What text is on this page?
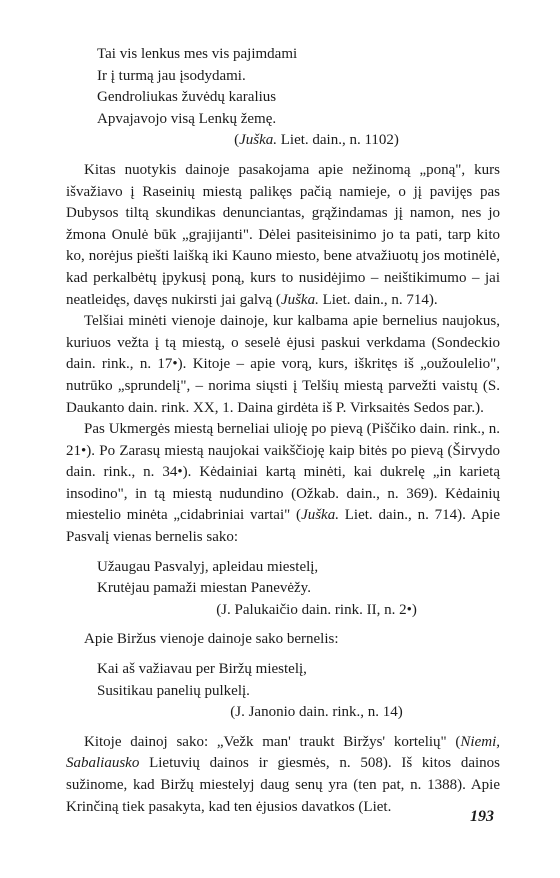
Tai vis lenkus mes vis pajimdami
Ir į turmą jau įsodydami.
Gendroliukas žuvėdų karalius
Apvajavojo visą Lenkų žemę.
(Juška. Liet. dain., n. 1102)

Kitas nuotykis dainoje pasakojama apie nežinomą „poną", kurs išvažiavo į Raseinių miestą palikęs pačią namieje, o jį pavijęs pas Dubysos tiltą skundikas denunciantas, grąžindamas jį namon, nes jo žmona Onulė būk „grajijanti". Dėlei pasiteisinimo jo ta pati, tarp kito ko, norėjus piešti laišką iki Kauno miesto, bene atvažiuotų jos motinėlė, kad perkalbėtų įpykusį poną, kurs to nusidėjimo – neištikimumo – jai neatleidęs, davęs nukirsti jai galvą (Juška. Liet. dain., n. 714).

Telšiai minėti vienoje dainoje, kur kalbama apie bernelius naujokus, kuriuos vežta į tą miestą, o seselė ėjusi paskui verkdama (Sondeckio dain. rink., n. 17•). Kitoje – apie vorą, kurs, iškritęs iš „oužoulelio", nutrūko „sprundelį", – norima siųsti į Telšių miestą parvežti vaistų (S. Daukanto dain. rink. XX, 1. Daina girdėta iš P. Virksaitės Sedos par.).

Pas Ukmergės miestą berneliai ulioję po pievą (Piščiko dain. rink., n. 21•). Po Zarasų miestą naujokai vaikščioję kaip bitės po pievą (Širvydo dain. rink., n. 34•). Kėdainiai kartą minėti, kai dukrelę „in karietą insodino", in tą miestą nudundino (Ožkab. dain., n. 369). Kėdainių miestelio minėta „cidabriniai vartai" (Juška. Liet. dain., n. 714). Apie Pasvalį vienas bernelis sako:

Užaugau Pasvalyj, apleidau miestelį,
Krutėjau pamaži miestan Panevėžy.
(J. Palukaičio dain. rink. II, n. 2•)

Apie Biržus vienoje dainoje sako bernelis:

Kai aš važiavau per Biržų miestelį,
Susitikau panelių pulkelį.
(J. Janonio dain. rink., n. 14)

Kitoje dainoj sako: „Vežk man' traukt Biržys' kortelių" (Niemi, Sabaliausko Lietuvių dainos ir giesmės, n. 508). Iš kitos dainos sužinome, kad Biržų miestelyj daug senų yra (ten pat, n. 1388). Apie Krinčiną tiek pasakyta, kad ten ėjusios davatkos (Liet.

193
